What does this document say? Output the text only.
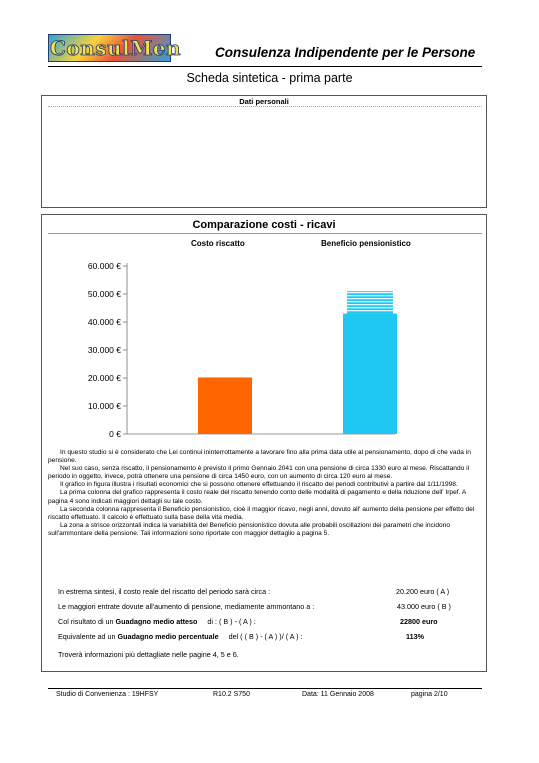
ConsulMen	Consulenza Indipendente per le Persone
Scheda sintetica - prima parte
Dati personali
Comparazione costi - ricavi
Costo riscatto	Beneficio pensionistico
0 €
10.000 €
20.000 €
30.000 €
40.000 €
50.000 €
60.000 €

In questo studio si è considerato che Lei continui ininterrottamente a lavorare fino alla prima data utile al pensionamento, dopo di che vada in pensione.

Nel suo caso, senza riscatto, il pensionamento è previsto il primo Gennaio 2041 con una pensione di circa 1330 euro al mese. Riscattando il periodo in oggetto, invece, potrà ottenere una pensione di circa 1450 euro, con un aumento di circa 120 euro al mese.

Il grafico in figura illustra i risultati economici che si possono ottenere effettuando il riscatto dei periodi contributivi a partire dal 1/11/1998.

La prima colonna del grafico rappresenta il costo reale del riscatto tenendo conto delle modalità di pagamento e della riduzione dell' Irpef. A pagina 4 sono indicati maggiori dettagli su tale costo.

La seconda colonna rappresenta il Beneficio pensionistico, cioè il maggior ricavo, negli anni, dovuto all' aumento della pensione per effetto del riscatto effettuato. Il calcolo è effettuato sulla base della vita media.

La zona a strisce orizzontali indica la variabilità del Beneficio pensionistico dovuta alle probabili oscillazioni dei parametri che incidono sull'ammontare della pensione. Tali informazioni sono riportate con maggior dettaglio a pagina 5.

In estrema sintesi, il costo reale del riscatto del periodo sarà circa :	20.200 euro ( A )
Le maggiori entrate dovute all'aumento di pensione, mediamente ammontano a :	43.000 euro ( B )
Col risultato di un Guadagno medio atteso di : ( B ) - ( A ) :	22800 euro
Equivalente ad un Guadagno medio percentuale del ( ( B ) - ( A ) )/ ( A ) :	113%
Troverà informazioni più dettagliate nelle pagine 4, 5 e 6.
Studio di Convenienza : 19HFSY	R10.2 S750	Data: 11 Gennaio 2008	pagina 2/10
